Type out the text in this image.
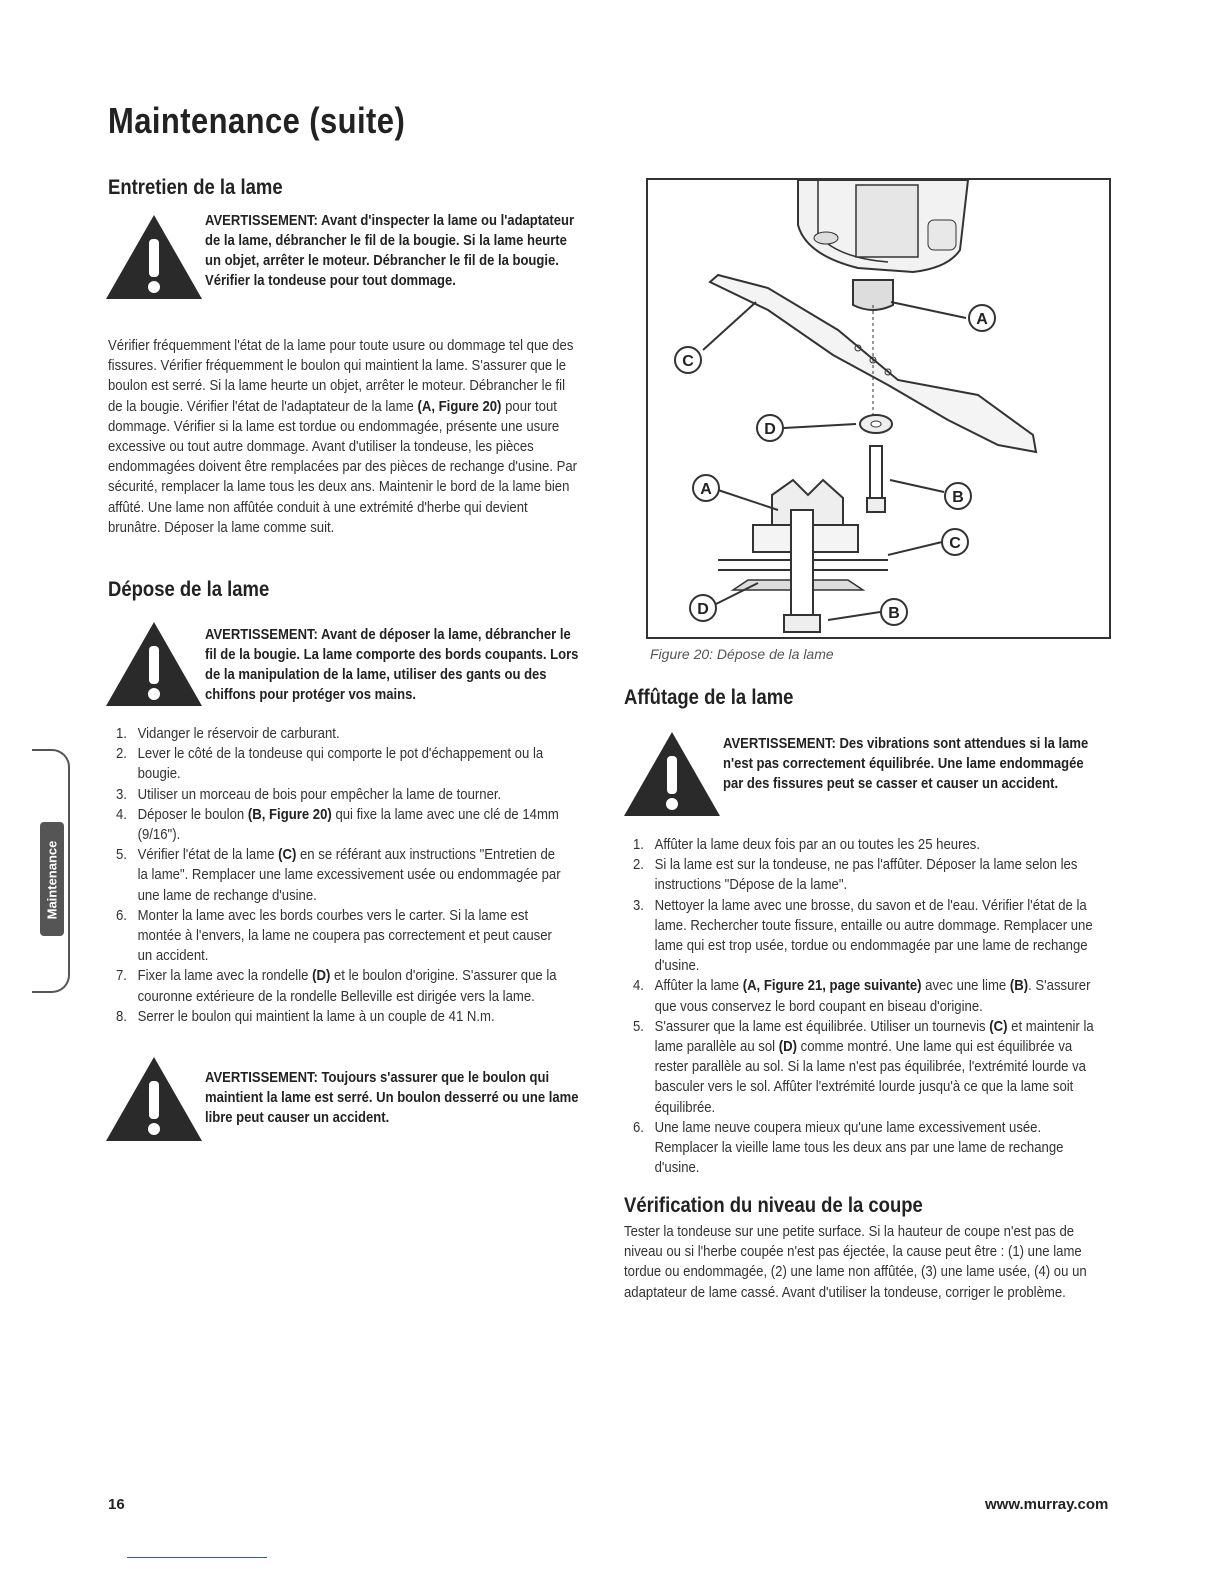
Maintenance (suite)
Entretien de la lame
AVERTISSEMENT: Avant d'inspecter la lame ou l'adaptateur de la lame, débrancher le fil de la bougie. Si la lame heurte un objet, arrêter le moteur. Débrancher le fil de la bougie. Vérifier la tondeuse pour tout dommage.
Vérifier fréquemment l'état de la lame pour toute usure ou dommage tel que des fissures. Vérifier fréquemment le boulon qui maintient la lame. S'assurer que le boulon est serré. Si la lame heurte un objet, arrêter le moteur. Débrancher le fil de la bougie. Vérifier l'état de l'adaptateur de la lame (A, Figure 20) pour tout dommage. Vérifier si la lame est tordue ou endommagée, présente une usure excessive ou tout autre dommage. Avant d'utiliser la tondeuse, les pièces endommagées doivent être remplacées par des pièces de rechange d'usine. Par sécurité, remplacer la lame tous les deux ans. Maintenir le bord de la lame bien affûté. Une lame non affûtée conduit à une extrémité d'herbe qui devient brunâtre. Déposer la lame comme suit.
Dépose de la lame
AVERTISSEMENT: Avant de déposer la lame, débrancher le fil de la bougie. La lame comporte des bords coupants. Lors de la manipulation de la lame, utiliser des gants ou des chiffons pour protéger vos mains.
1. Vidanger le réservoir de carburant.
2. Lever le côté de la tondeuse qui comporte le pot d'échappement ou la bougie.
3. Utiliser un morceau de bois pour empêcher la lame de tourner.
4. Déposer le boulon (B, Figure 20) qui fixe la lame avec une clé de 14mm (9/16").
5. Vérifier l'état de la lame (C) en se référant aux instructions "Entretien de la lame". Remplacer une lame excessivement usée ou endommagée par une lame de rechange d'usine.
6. Monter la lame avec les bords courbes vers le carter. Si la lame est montée à l'envers, la lame ne coupera pas correctement et peut causer un accident.
7. Fixer la lame avec la rondelle (D) et le boulon d'origine. S'assurer que la couronne extérieure de la rondelle Belleville est dirigée vers la lame.
8. Serrer le boulon qui maintient la lame à un couple de 41 N.m.
AVERTISSEMENT: Toujours s'assurer que le boulon qui maintient la lame est serré. Un boulon desserré ou une lame libre peut causer un accident.
Maintenance
A
C
D
B
A
C
D	B
Figure 20: Dépose de la lame
Affûtage de la lame
AVERTISSEMENT: Des vibrations sont attendues si la lame n'est pas correctement équilibrée. Une lame endommagée par des fissures peut se casser et causer un accident.
1. Affûter la lame deux fois par an ou toutes les 25 heures.
2. Si la lame est sur la tondeuse, ne pas l'affûter. Déposer la lame selon les instructions "Dépose de la lame".
3. Nettoyer la lame avec une brosse, du savon et de l'eau. Vérifier l'état de la lame. Rechercher toute fissure, entaille ou autre dommage. Remplacer une lame qui est trop usée, tordue ou endommagée par une lame de rechange d'usine.
4. Affûter la lame (A, Figure 21, page suivante) avec une lime (B). S'assurer que vous conservez le bord coupant en biseau d'origine.
5. S'assurer que la lame est équilibrée. Utiliser un tournevis (C) et maintenir la lame parallèle au sol (D) comme montré. Une lame qui est équilibrée va rester parallèle au sol. Si la lame n'est pas équilibrée, l'extrémité lourde va basculer vers le sol. Affûter l'extrémité lourde jusqu'à ce que la lame soit équilibrée.
6. Une lame neuve coupera mieux qu'une lame excessivement usée. Remplacer la vieille lame tous les deux ans par une lame de rechange d'usine.
Vérification du niveau de la coupe
Tester la tondeuse sur une petite surface. Si la hauteur de coupe n'est pas de niveau ou si l'herbe coupée n'est pas éjectée, la cause peut être : (1) une lame tordue ou endommagée, (2) une lame non affûtée, (3) une lame usée, (4) ou un adaptateur de lame cassé. Avant d'utiliser la tondeuse, corriger le problème.
16	www.murray.com
